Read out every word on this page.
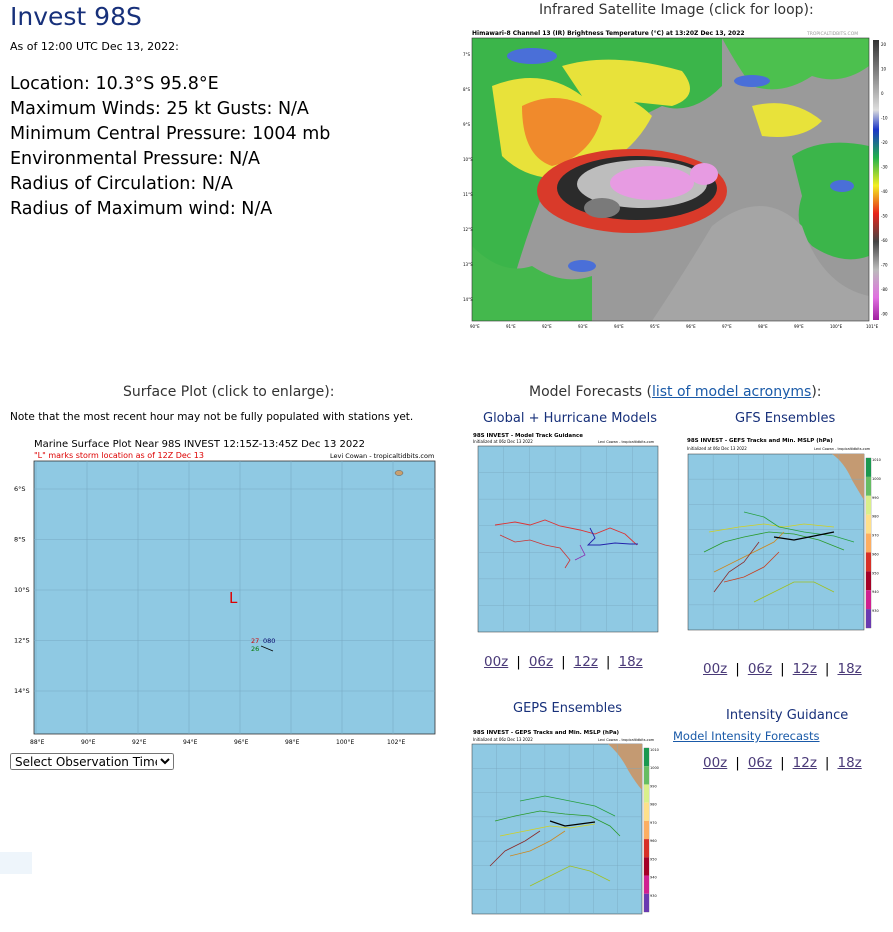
Invest 98S
As of 12:00 UTC Dec 13, 2022:
Location: 10.3°S 95.8°E
Maximum Winds: 25 kt Gusts: N/A
Minimum Central Pressure: 1004 mb
Environmental Pressure: N/A
Radius of Circulation: N/A
Radius of Maximum wind: N/A
Infrared Satellite Image (click for loop):
Himawari-8 Channel 13 (IR) Brightness Temperature (°C) at 13:20Z Dec 13, 2022	TROPICALTIDBITS.COM
7°S
8°S
9°S
10°S
11°S
12°S
13°S
14°S
90°E	91°E	92°E	93°E	94°E	95°E	96°E	97°E	98°E	99°E	100°E	101°E
20
10
0
-10
-20
-30
-40
-50
-60
-70
-80
-90
Surface Plot (click to enlarge):
Note that the most recent hour may not be fully populated with stations yet.
Marine Surface Plot Near 98S INVEST 12:15Z-13:45Z Dec 13 2022
"L" marks storm location as of 12Z Dec 13	Levi Cowan - tropicaltidbits.com
L
27 080
26
6°S
8°S
10°S
12°S
14°S
88°E	90°E	92°E	94°E	96°E	98°E	100°E	102°E
Select Observation Time...
Model Forecasts (list of model acronyms):
Global + Hurricane Models	GFS Ensembles
98S INVEST - Model Track Guidance
Initialized at 06z Dec 13 2022	Levi Cowan - tropicaltidbits.com	98S INVEST - GEFS Tracks and Min. MSLP (hPa)
Initialized at 06z Dec 13 2022	Levi Cowan - tropicaltidbits.com
1010
1000
990
980
970
960
950
940
930
00z | 06z | 12z | 18z	00z | 06z | 12z | 18z
GEPS Ensembles	Intensity Guidance
Model Intensity Forecasts
00z | 06z | 12z | 18z
98S INVEST - GEPS Tracks and Min. MSLP (hPa)
Initialized at 06z Dec 13 2022	Levi Cowan - tropicaltidbits.com
1010
1000
990
980
970
960
950
940
930
